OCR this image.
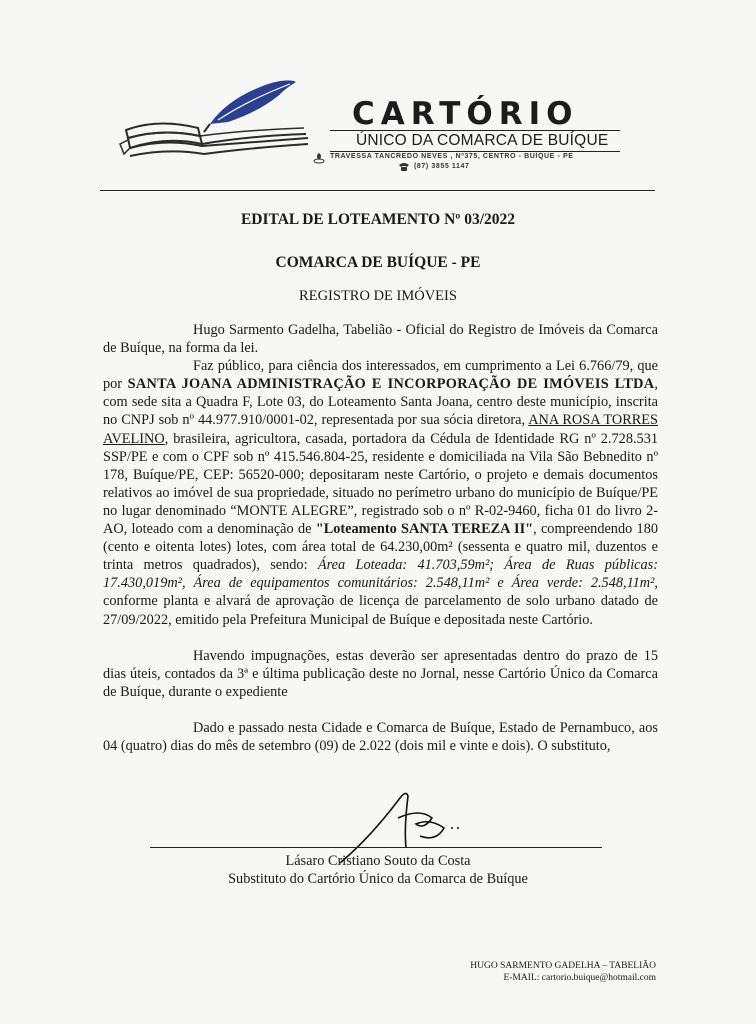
CARTÓRIO
ÚNICO DA COMARCA DE BUÍQUE
TRAVESSA TANCREDO NEVES , Nº375, CENTRO - BUÍQUE - PE
(87) 3855 1147
EDITAL DE LOTEAMENTO Nº 03/2022
COMARCA DE BUÍQUE - PE
REGISTRO DE IMÓVEIS

Hugo Sarmento Gadelha, Tabelião - Oficial do Registro de Imóveis da Comarca de Buíque, na forma da lei.

Faz público, para ciência dos interessados, em cumprimento a Lei 6.766/79, que por SANTA JOANA ADMINISTRAÇÃO E INCORPORAÇÃO DE IMÓVEIS LTDA, com sede sita a Quadra F, Lote 03, do Loteamento Santa Joana, centro deste município, inscrita no CNPJ sob nº 44.977.910/0001-02, representada por sua sócia diretora, ANA ROSA TORRES AVELINO, brasileira, agricultora, casada, portadora da Cédula de Identidade RG nº 2.728.531 SSP/PE e com o CPF sob nº 415.546.804-25, residente e domiciliada na Vila São Bebnedito nº 178, Buíque/PE, CEP: 56520-000; depositaram neste Cartório, o projeto e demais documentos relativos ao imóvel de sua propriedade, situado no perímetro urbano do município de Buíque/PE no lugar denominado “MONTE ALEGRE”, registrado sob o nº R-02-9460, ficha 01 do livro 2-AO, loteado com a denominação de "Loteamento SANTA TEREZA II", compreendendo 180 (cento e oitenta lotes) lotes, com área total de 64.230,00m² (sessenta e quatro mil, duzentos e trinta metros quadrados), sendo: Área Loteada: 41.703,59m²; Área de Ruas públicas: 17.430,019m², Área de equipamentos comunitários: 2.548,11m² e Área verde: 2.548,11m², conforme planta e alvará de aprovação de licença de parcelamento de solo urbano datado de 27/09/2022, emitido pela Prefeitura Municipal de Buíque e depositada neste Cartório.

Havendo impugnações, estas deverão ser apresentadas dentro do prazo de 15 dias úteis, contados da 3ª e última publicação deste no Jornal, nesse Cartório Único da Comarca de Buíque, durante o expediente

Dado e passado nesta Cidade e Comarca de Buíque, Estado de Pernambuco, aos 04 (quatro) dias do mês de setembro (09) de 2.022 (dois mil e vinte e dois). O substituto,

Lásaro Cristiano Souto da Costa
Substituto do Cartório Único da Comarca de Buíque
HUGO SARMENTO GADELHA – TABELIÃO
E-MAIL: cartorio.buique@hotmail.com
